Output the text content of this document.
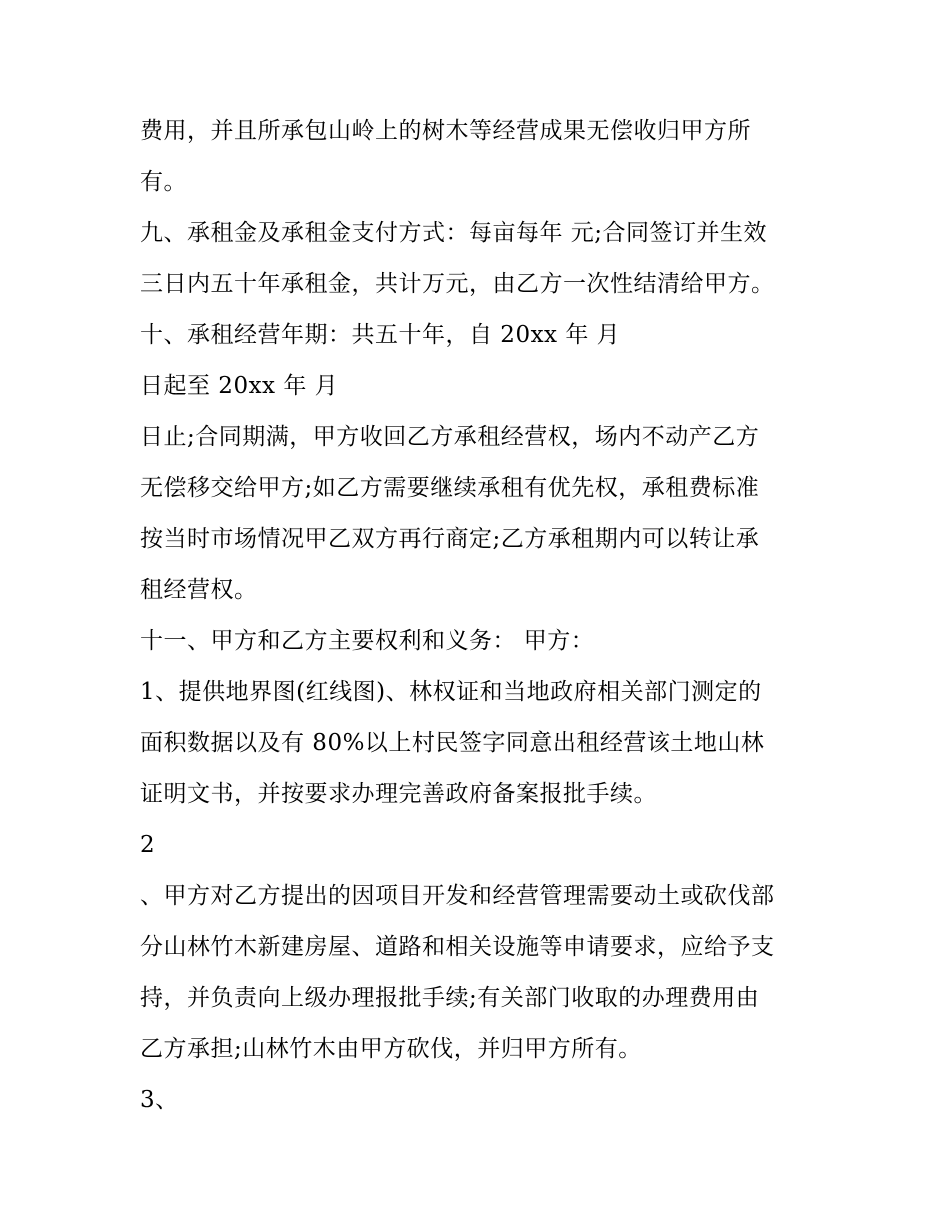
费用，并且所承包山岭上的树木等经营成果无偿收归甲方所
有。
九、承租金及承租金支付方式：每亩每年 元;合同签订并生效
三日内五十年承租金，共计万元，由乙方一次性结清给甲方。
十、承租经营年期：共五十年，自 20xx 年 月
日起至 20xx 年 月
日止;合同期满，甲方收回乙方承租经营权，场内不动产乙方
无偿移交给甲方;如乙方需要继续承租有优先权，承租费标准
按当时市场情况甲乙双方再行商定;乙方承租期内可以转让承
租经营权。
十一、甲方和乙方主要权利和义务： 甲方：
1、提供地界图(红线图)、林权证和当地政府相关部门测定的
面积数据以及有 80%以上村民签字同意出租经营该土地山林
证明文书，并按要求办理完善政府备案报批手续。
2
、甲方对乙方提出的因项目开发和经营管理需要动土或砍伐部
分山林竹木新建房屋、道路和相关设施等申请要求，应给予支
持，并负责向上级办理报批手续;有关部门收取的办理费用由
乙方承担;山林竹木由甲方砍伐，并归甲方所有。
3、
